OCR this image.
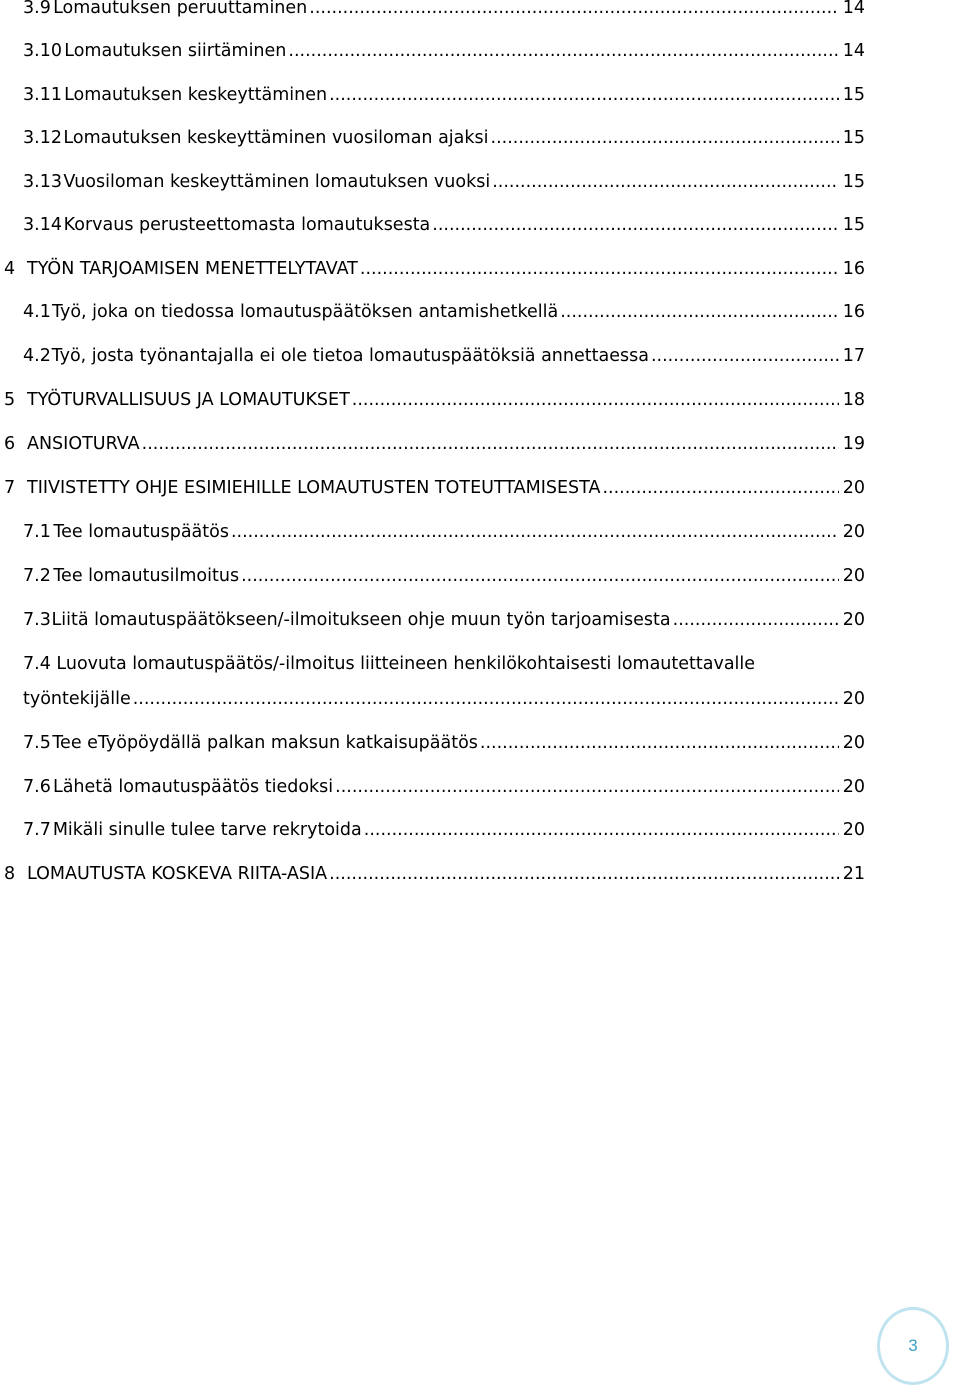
3.9 Lomautuksen peruuttaminen .....	14
3.10 Lomautuksen siirtäminen .....	14
3.11 Lomautuksen keskeyttäminen .....	15
3.12 Lomautuksen keskeyttäminen vuosiloman ajaksi .....	15
3.13 Vuosiloman keskeyttäminen lomautuksen vuoksi .....	15
3.14 Korvaus perusteettomasta lomautuksesta .....	15
4 TYÖN TARJOAMISEN MENETTELYTAVAT .....	16
4.1 Työ, joka on tiedossa lomautuspäätöksen antamishetkellä .....	16
4.2 Työ, josta työnantajalla ei ole tietoa lomautuspäätöksiä annettaessa .....	17
5 TYÖTURVALLISUUS JA LOMAUTUKSET .....	18
6 ANSIOTURVA .....	19
7 TIIVISTETTY OHJE ESIMIEHILLE LOMAUTUSTEN TOTEUTTAMISESTA .....	20
7.1 Tee lomautuspäätös .....	20
7.2 Tee lomautusilmoitus .....	20
7.3 Liitä lomautuspäätökseen/-ilmoitukseen ohje muun työn tarjoamisesta .....	20
7.4 Luovuta lomautuspäätös/-ilmoitus liitteineen henkilökohtaisesti lomautettavalle
työntekijälle .....	20
7.5 Tee eTyöpöydällä palkan maksun katkaisupäätös .....	20
7.6 Lähetä lomautuspäätös tiedoksi .....	20
7.7 Mikäli sinulle tulee tarve rekrytoida .....	20
8 LOMAUTUSTA KOSKEVA RIITA-ASIA .....	21
3
